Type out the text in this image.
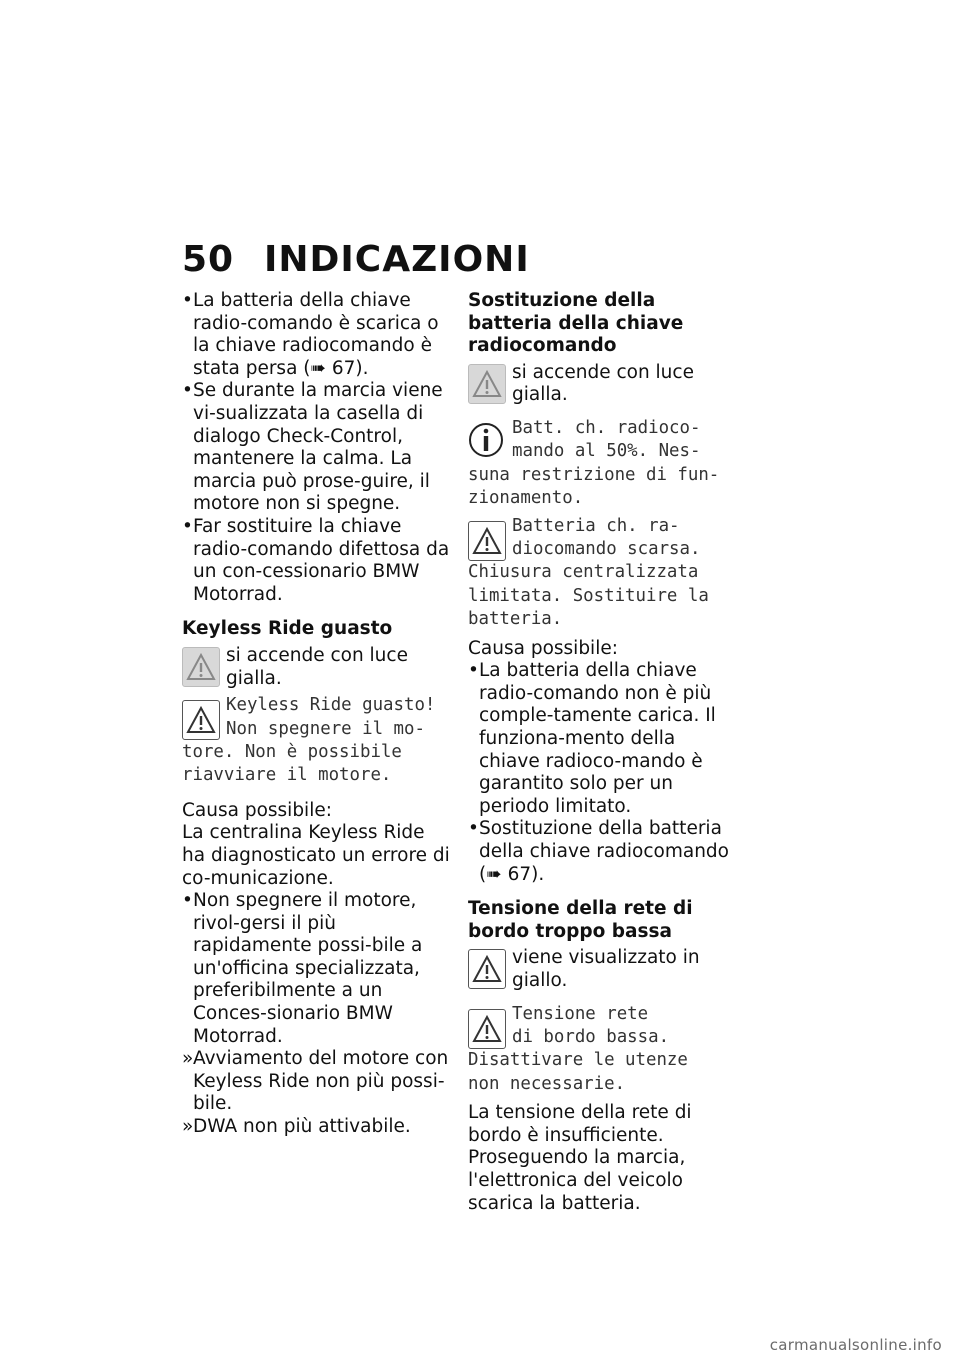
50 INDICAZIONI
•La batteria della chiave radio-comando è scarica o la chiave radiocomando è stata persa (➠ 67).
•Se durante la marcia viene vi-sualizzata la casella di dialogo Check-Control, mantenere la calma. La marcia può prose-guire, il motore non si spegne.
•Far sostituire la chiave radio-comando difettosa da un con-cessionario BMW Motorrad.
Keyless Ride guasto
si accende con luce gialla.
Keyless Ride guasto!
Non spegnere il mo-
tore. Non è possibile
riavviare il motore.
Causa possibile:
La centralina Keyless Ride ha diagnosticato un errore di co-municazione.
•Non spegnere il motore, rivol-gersi il più rapidamente possi-bile a un'officina specializzata, preferibilmente a un Conces-sionario BMW Motorrad.
»Avviamento del motore con Keyless Ride non più possi-bile.
»DWA non più attivabile.
Sostituzione della batteria della chiave radiocomando
si accende con luce gialla.
Batt. ch. radioco-
mando al 50%. Nes-
suna restrizione di fun-
zionamento.
Batteria ch. ra-
diocomando scarsa.
Chiusura centralizzata
limitata. Sostituire la
batteria.
Causa possibile:
•La batteria della chiave radio-comando non è più comple-tamente carica. Il funziona-mento della chiave radioco-mando è garantito solo per un periodo limitato.
•Sostituzione della batteria della chiave radiocomando (➠ 67).
Tensione della rete di bordo troppo bassa
viene visualizzato in giallo.
Tensione rete
di bordo bassa.
Disattivare le utenze
non necessarie.
La tensione della rete di bordo è insufficiente. Proseguendo la marcia, l'elettronica del veicolo scarica la batteria.
carmanualsonline.info
